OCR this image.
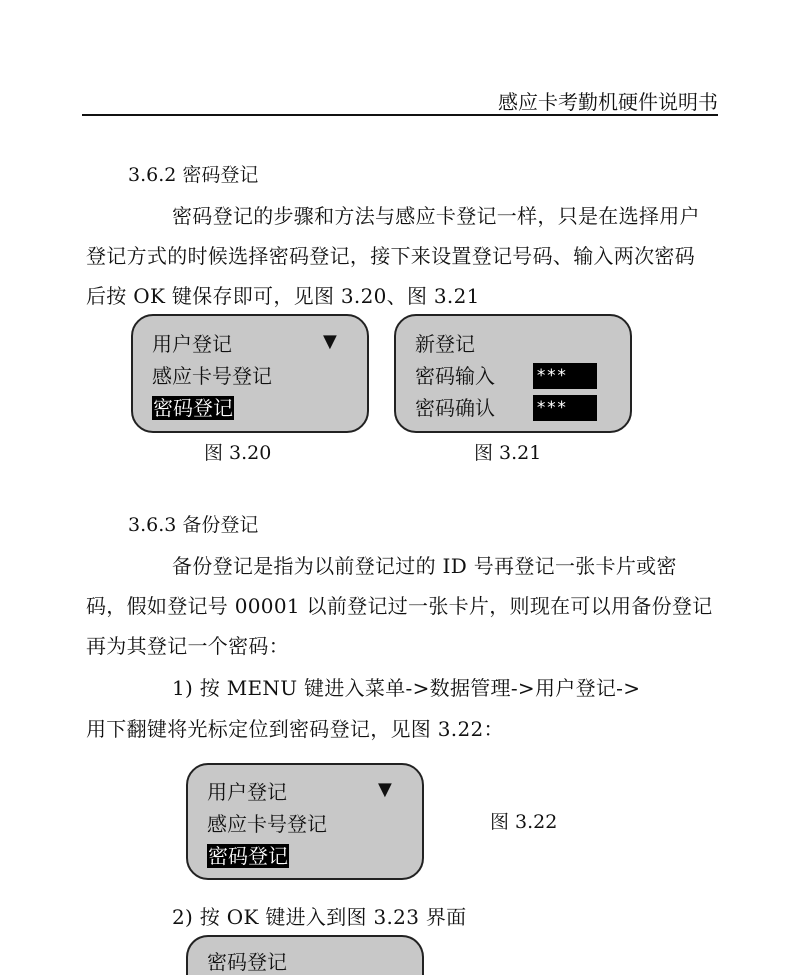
感应卡考勤机硬件说明书
3.6.2 密码登记
密码登记的步骤和方法与感应卡登记一样，只是在选择用户
登记方式的时候选择密码登记，接下来设置登记号码、输入两次密码
后按 OK 键保存即可，见图 3.20、图 3.21
用户登记	▼
感应卡号登记
密码登记
图 3.20
新登记
密码输入 ***
密码确认 ***
图 3.21
3.6.3 备份登记
备份登记是指为以前登记过的 ID 号再登记一张卡片或密
码，假如登记号 00001 以前登记过一张卡片，则现在可以用备份登记
再为其登记一个密码：
1) 按 MENU 键进入菜单->数据管理->用户登记->
用下翻键将光标定位到密码登记，见图 3.22：
用户登记	▼
感应卡号登记
密码登记
图 3.22
2) 按 OK 键进入到图 3.23 界面
密码登记
